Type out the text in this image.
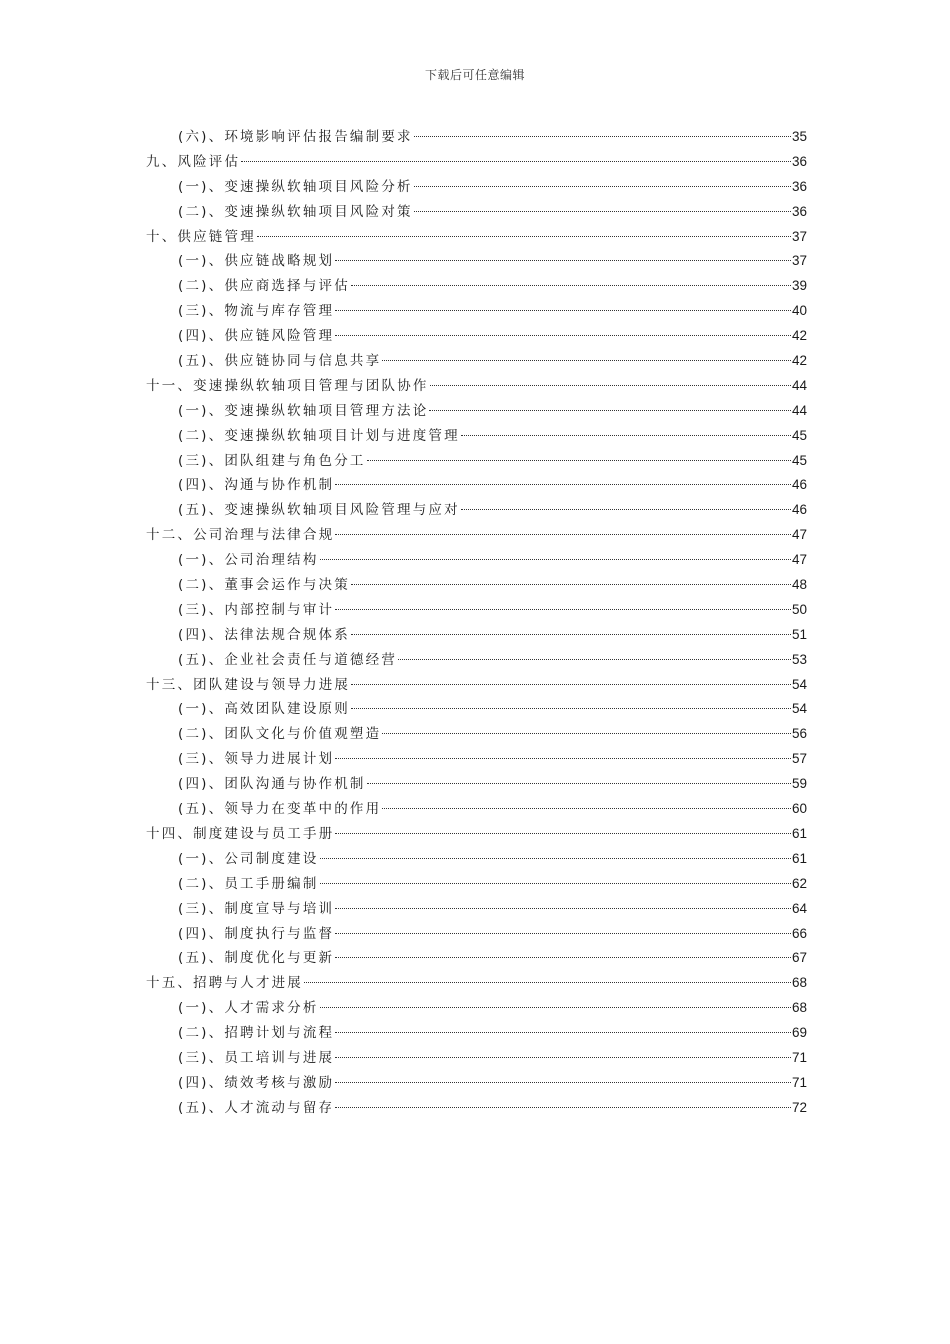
下载后可任意编辑
(六)、环境影响评估报告编制要求	35
九、风险评估	36
(一)、变速操纵软轴项目风险分析	36
(二)、变速操纵软轴项目风险对策	36
十、供应链管理	37
(一)、供应链战略规划	37
(二)、供应商选择与评估	39
(三)、物流与库存管理	40
(四)、供应链风险管理	42
(五)、供应链协同与信息共享	42
十一、变速操纵软轴项目管理与团队协作	44
(一)、变速操纵软轴项目管理方法论	44
(二)、变速操纵软轴项目计划与进度管理	45
(三)、团队组建与角色分工	45
(四)、沟通与协作机制	46
(五)、变速操纵软轴项目风险管理与应对	46
十二、公司治理与法律合规	47
(一)、公司治理结构	47
(二)、董事会运作与决策	48
(三)、内部控制与审计	50
(四)、法律法规合规体系	51
(五)、企业社会责任与道德经营	53
十三、团队建设与领导力进展	54
(一)、高效团队建设原则	54
(二)、团队文化与价值观塑造	56
(三)、领导力进展计划	57
(四)、团队沟通与协作机制	59
(五)、领导力在变革中的作用	60
十四、制度建设与员工手册	61
(一)、公司制度建设	61
(二)、员工手册编制	62
(三)、制度宣导与培训	64
(四)、制度执行与监督	66
(五)、制度优化与更新	67
十五、招聘与人才进展	68
(一)、人才需求分析	68
(二)、招聘计划与流程	69
(三)、员工培训与进展	71
(四)、绩效考核与激励	71
(五)、人才流动与留存	72
